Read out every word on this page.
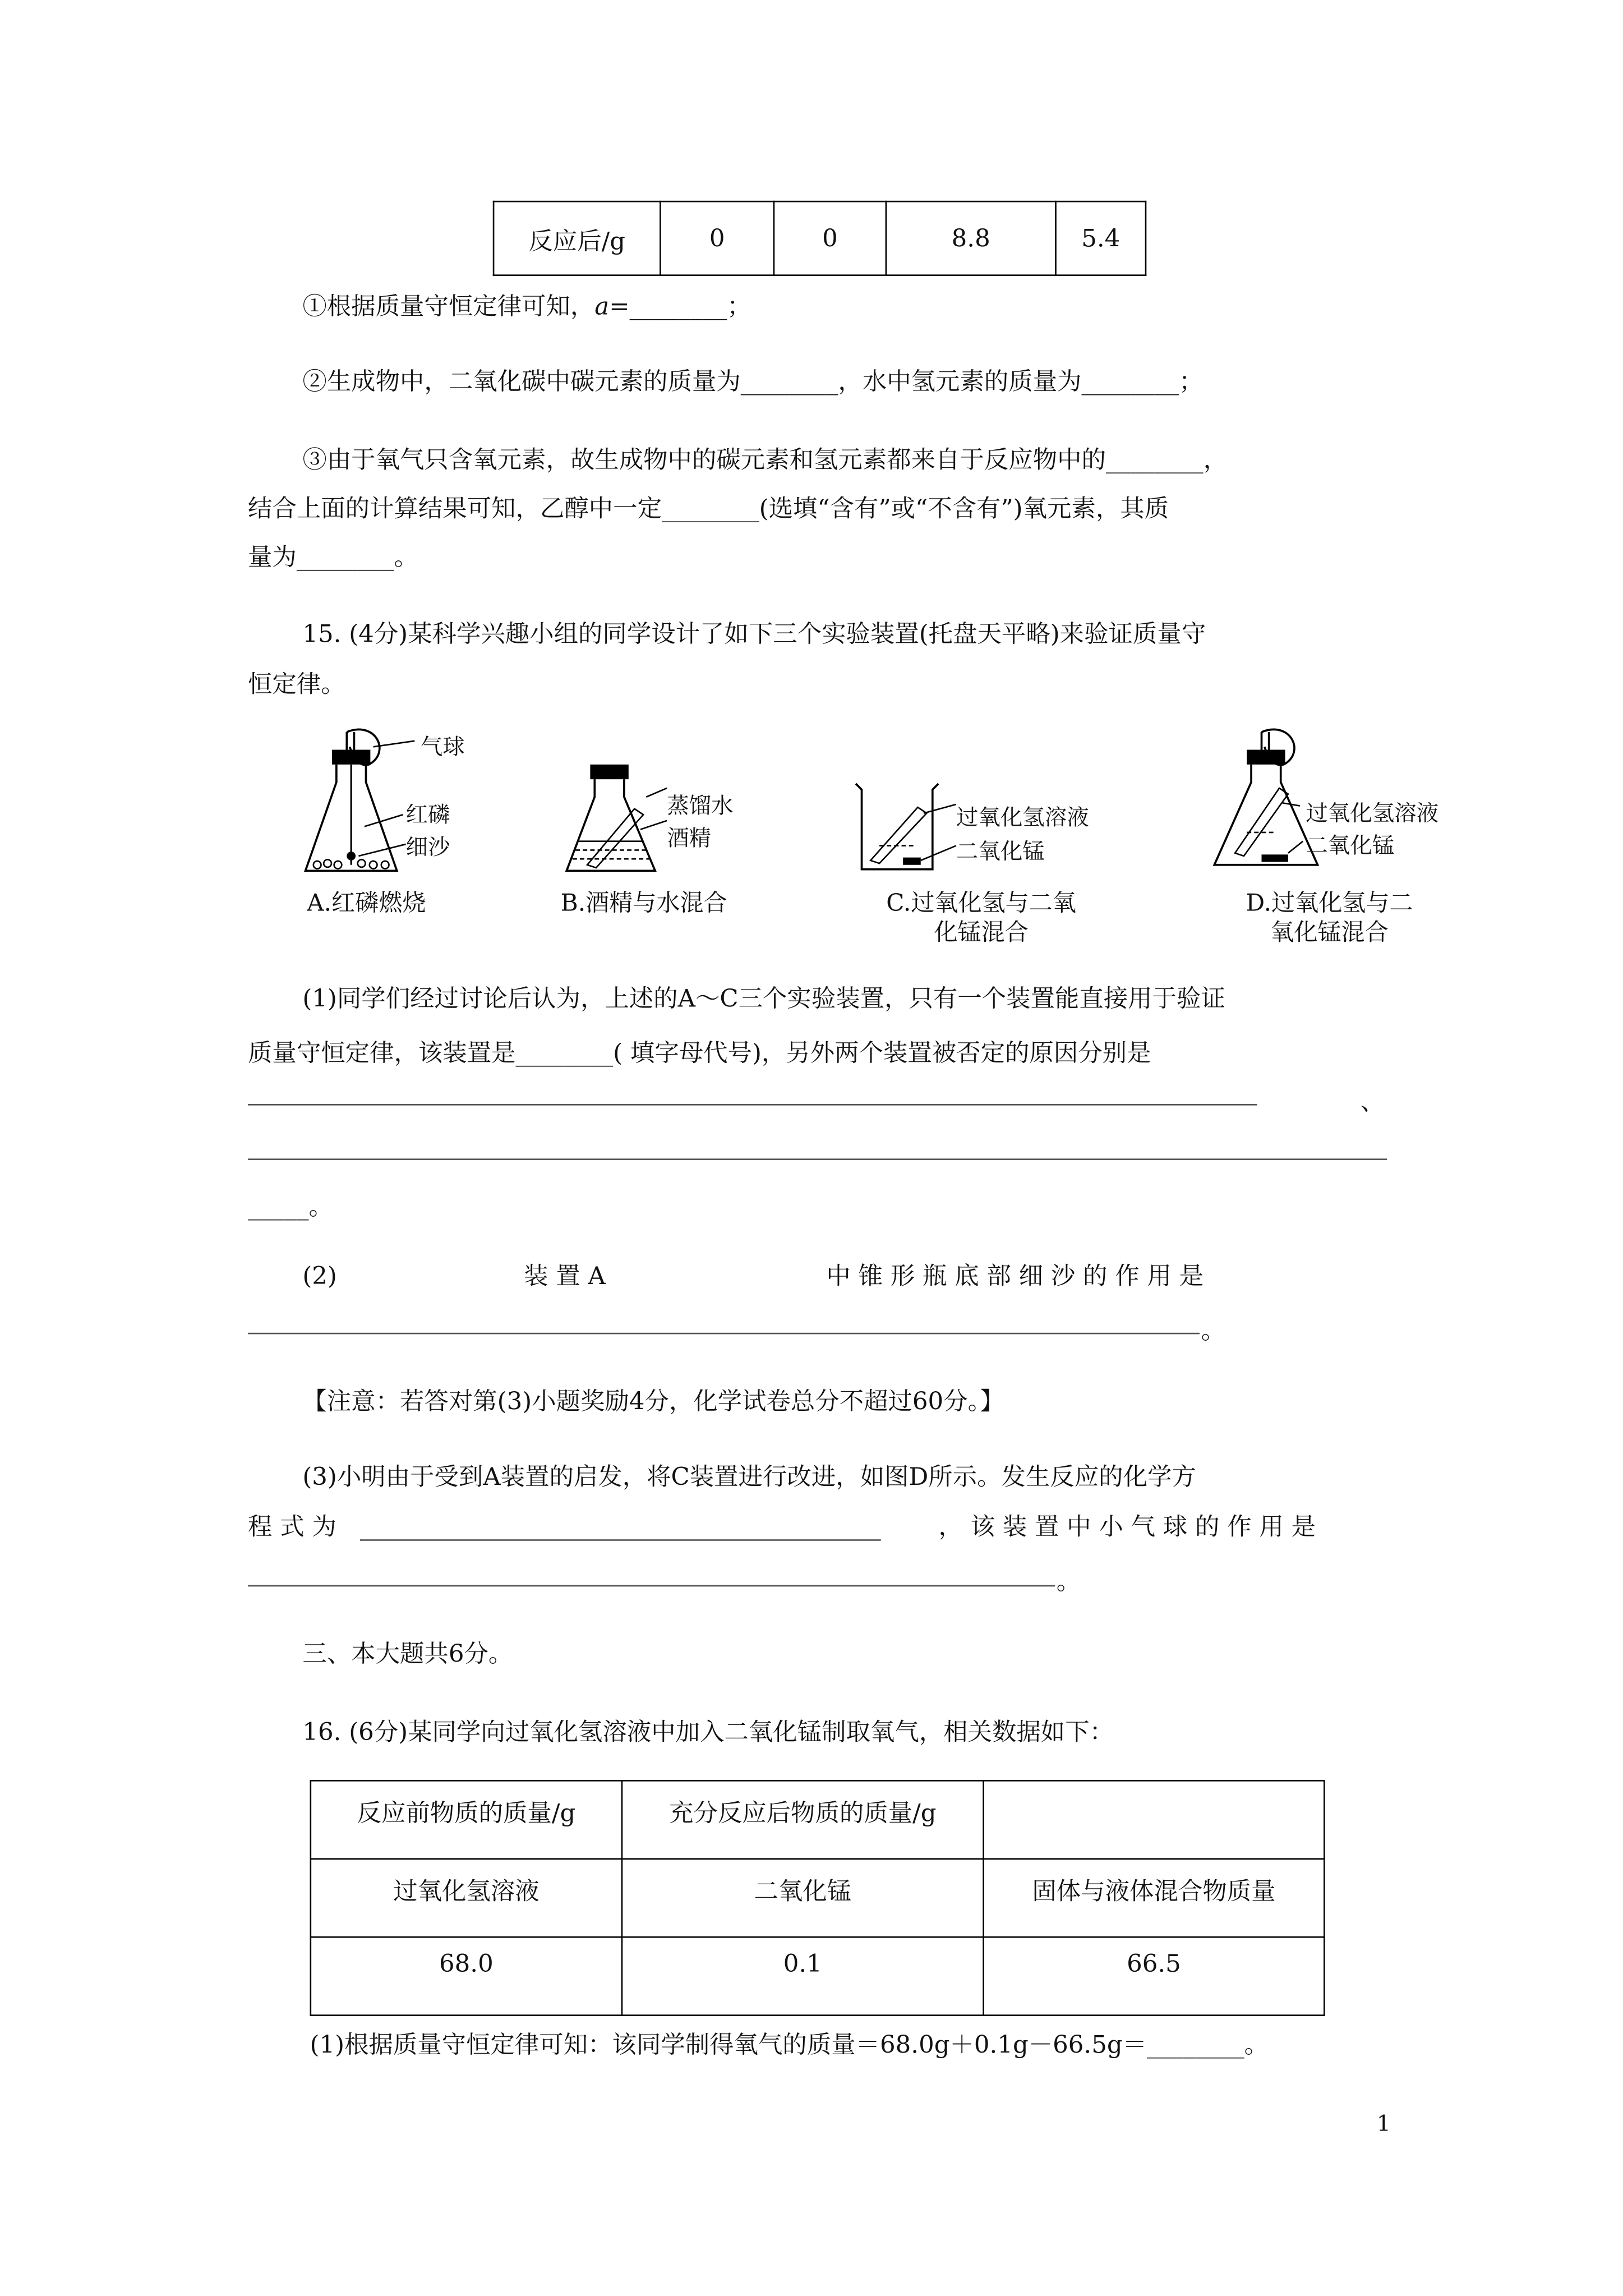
反应后/g	0	0	8.8	5.4
①根据质量守恒定律可知，a=________；
②生成物中，二氧化碳中碳元素的质量为________，水中氢元素的质量为________；
③由于氧气只含氧元素，故生成物中的碳元素和氢元素都来自于反应物中的________，
结合上面的计算结果可知，乙醇中一定________(选填“含有”或“不含有”)氧元素，其质
量为________。
15. (4分)某科学兴趣小组的同学设计了如下三个实验装置(托盘天平略)来验证质量守
恒定律。
气球
红磷
细沙
A.红磷燃烧
蒸馏水
酒精
B.酒精与水混合
过氧化氢溶液
二氧化锰
C.过氧化氢与二氧
化锰混合
过氧化氢溶液
二氧化锰
D.过氧化氢与二
氧化锰混合
(1)同学们经过讨论后认为，上述的A～C三个实验装置，只有一个装置能直接用于验证
质量守恒定律，该装置是________( 填字母代号)，另外两个装置被否定的原因分别是
、
_____。
(2)	装 置 A	中 锥 形 瓶 底 部 细 沙 的 作 用 是
。
【注意：若答对第(3)小题奖励4分，化学试卷总分不超过60分。】
(3)小明由于受到A装置的启发，将C装置进行改进，如图D所示。发生反应的化学方
程 式 为	， 该 装 置 中 小 气 球 的 作 用 是
。
三、本大题共6分。
16. (6分)某同学向过氧化氢溶液中加入二氧化锰制取氧气，相关数据如下：
反应前物质的质量/g	充分反应后物质的质量/g	
过氧化氢溶液	二氧化锰	固体与液体混合物质量
68.0	0.1	66.5
(1)根据质量守恒定律可知：该同学制得氧气的质量＝68.0g＋0.1g－66.5g＝________。
1
